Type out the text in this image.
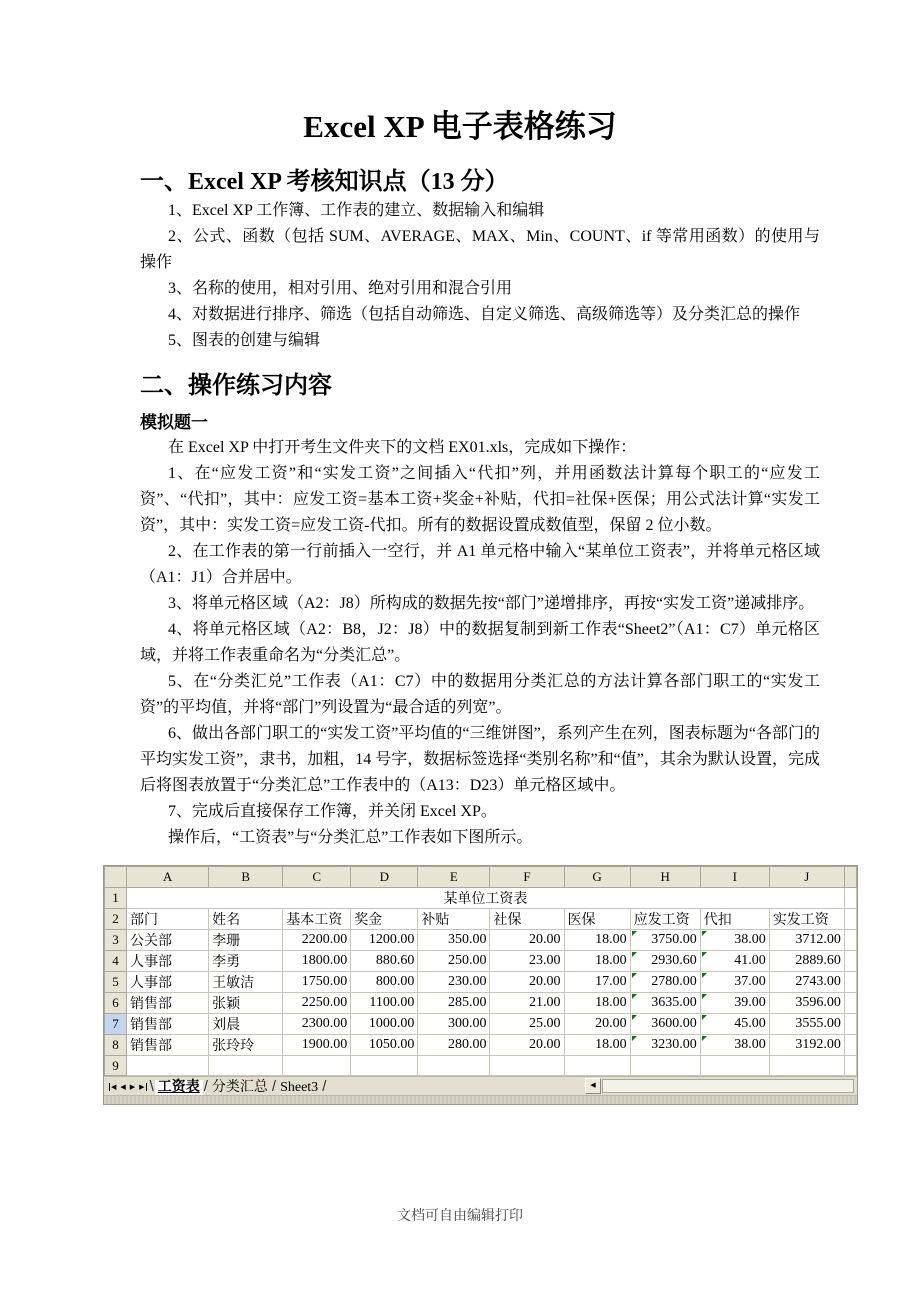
Excel XP 电子表格练习
一、Excel XP 考核知识点（13 分）

1、Excel XP 工作簿、工作表的建立、数据输入和编辑

2、公式、函数（包括 SUM、AVERAGE、MAX、Min、COUNT、if 等常用函数）的使用与操作

3、名称的使用，相对引用、绝对引用和混合引用

4、对数据进行排序、筛选（包括自动筛选、自定义筛选、高级筛选等）及分类汇总的操作

5、图表的创建与编辑

二、操作练习内容
模拟题一

在 Excel XP 中打开考生文件夹下的文档 EX01.xls，完成如下操作：

1、在“应发工资”和“实发工资”之间插入“代扣”列，并用函数法计算每个职工的“应发工资”、“代扣”，其中：应发工资=基本工资+奖金+补贴，代扣=社保+医保；用公式法计算“实发工资”，其中：实发工资=应发工资-代扣。所有的数据设置成数值型，保留 2 位小数。

2、在工作表的第一行前插入一空行，并 A1 单元格中输入“某单位工资表”，并将单元格区域（A1：J1）合并居中。

3、将单元格区域（A2：J8）所构成的数据先按“部门”递增排序，再按“实发工资”递减排序。

4、将单元格区域（A2：B8，J2：J8）中的数据复制到新工作表“Sheet2”（A1：C7）单元格区域，并将工作表重命名为“分类汇总”。

5、在“分类汇兑”工作表（A1：C7）中的数据用分类汇总的方法计算各部门职工的“实发工资”的平均值，并将“部门”列设置为“最合适的列宽”。

6、做出各部门职工的“实发工资”平均值的“三维饼图”，系列产生在列，图表标题为“各部门的平均实发工资”，隶书，加粗，14 号字，数据标签选择“类别名称”和“值”，其余为默认设置，完成后将图表放置于“分类汇总”工作表中的（A13：D23）单元格区域中。

7、完成后直接保存工作簿，并关闭 Excel XP。

操作后，“工资表”与“分类汇总”工作表如下图所示。

	A	B	C	D	E	F	G	H	I	J	
1	某单位工资表										
2	部门	姓名	基本工资	奖金	补贴	社保	医保	应发工资	代扣	实发工资	
3	公关部	李珊	2200.00	1200.00	350.00	20.00	18.00	3750.00	38.00	3712.00	
4	人事部	李勇	1800.00	880.60	250.00	23.00	18.00	2930.60	41.00	2889.60	
5	人事部	王敏洁	1750.00	800.00	230.00	20.00	17.00	2780.00	37.00	2743.00	
6	销售部	张颖	2250.00	1100.00	285.00	21.00	18.00	3635.00	39.00	3596.00	
7	销售部	刘晨	2300.00	1000.00	300.00	25.00	20.00	3600.00	45.00	3555.00	
8	销售部	张玲玲	1900.00	1050.00	280.00	20.00	18.00	3230.00	38.00	3192.00	
9											
◀ ◀ ▶ ▶ \ 工资表 / 分类汇总 / Sheet3 /	◀
文档可自由编辑打印
